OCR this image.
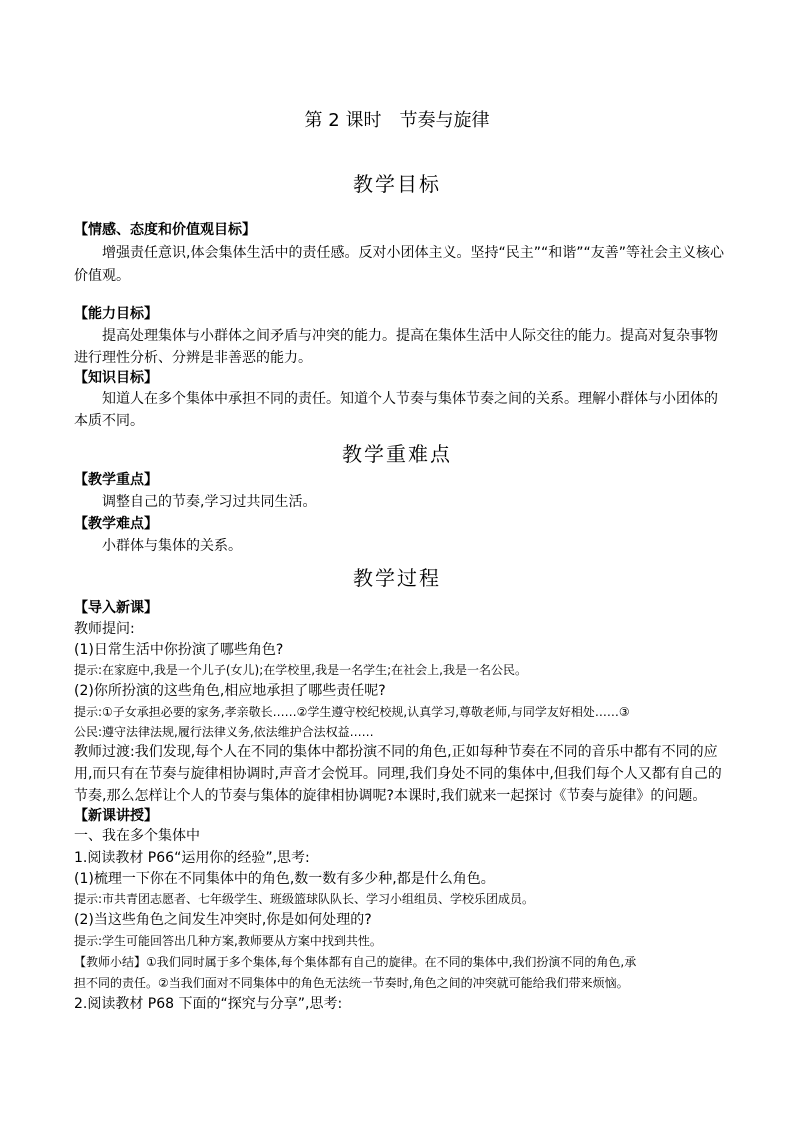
第 2 课时　节奏与旋律
教学目标
【情感、态度和价值观目标】
增强责任意识,体会集体生活中的责任感。反对小团体主义。坚持“民主”“和谐”“友善”等社会主义核心
价值观。
【能力目标】
提高处理集体与小群体之间矛盾与冲突的能力。提高在集体生活中人际交往的能力。提高对复杂事物
进行理性分析、分辨是非善恶的能力。
【知识目标】
知道人在多个集体中承担不同的责任。知道个人节奏与集体节奏之间的关系。理解小群体与小团体的
本质不同。
教学重难点
【教学重点】
调整自己的节奏,学习过共同生活。
【教学难点】
小群体与集体的关系。
教学过程
【导入新课】
教师提问:
(1)日常生活中你扮演了哪些角色?
提示:在家庭中,我是一个儿子(女儿);在学校里,我是一名学生;在社会上,我是一名公民。
(2)你所扮演的这些角色,相应地承担了哪些责任呢?
提示:①子女承担必要的家务,孝亲敬长……②学生遵守校纪校规,认真学习,尊敬老师,与同学友好相处……③
公民:遵守法律法规,履行法律义务,依法维护合法权益……
教师过渡:我们发现,每个人在不同的集体中都扮演不同的角色,正如每种节奏在不同的音乐中都有不同的应
用,而只有在节奏与旋律相协调时,声音才会悦耳。同理,我们身处不同的集体中,但我们每个人又都有自己的
节奏,那么怎样让个人的节奏与集体的旋律相协调呢?本课时,我们就来一起探讨《节奏与旋律》的问题。
【新课讲授】
一、我在多个集体中
1.阅读教材 P66“运用你的经验”,思考:
(1)梳理一下你在不同集体中的角色,数一数有多少种,都是什么角色。
提示:市共青团志愿者、七年级学生、班级篮球队队长、学习小组组员、学校乐团成员。
(2)当这些角色之间发生冲突时,你是如何处理的?
提示:学生可能回答出几种方案,教师要从方案中找到共性。
【教师小结】①我们同时属于多个集体,每个集体都有自己的旋律。在不同的集体中,我们扮演不同的角色,承
担不同的责任。②当我们面对不同集体中的角色无法统一节奏时,角色之间的冲突就可能给我们带来烦恼。
2.阅读教材 P68 下面的“探究与分享”,思考:
